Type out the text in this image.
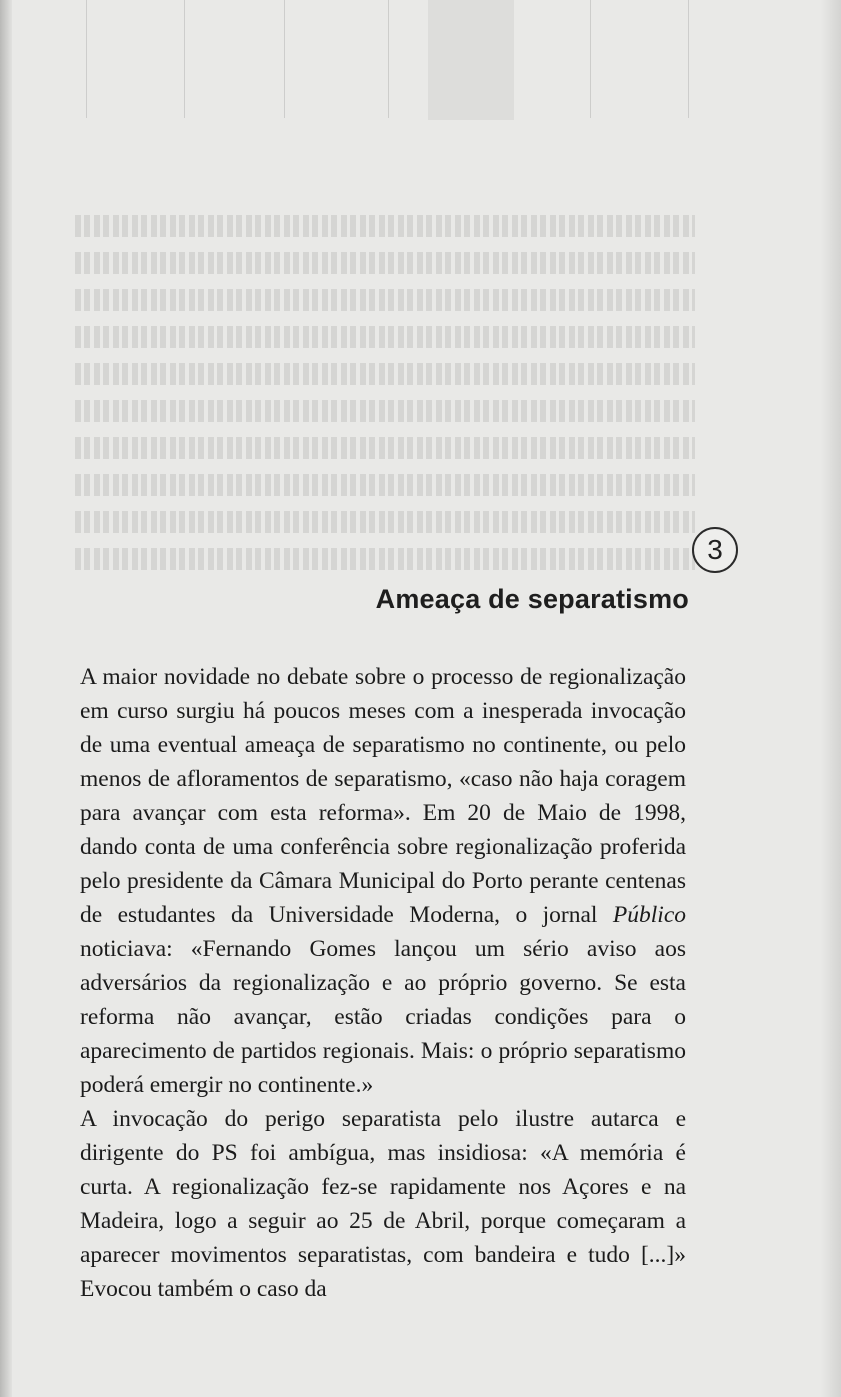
3
Ameaça de separatismo

A maior novidade no debate sobre o processo de regionalização em curso surgiu há poucos meses com a inesperada invocação de uma eventual ameaça de separatismo no continente, ou pelo menos de afloramentos de separatismo, «caso não haja coragem para avançar com esta reforma». Em 20 de Maio de 1998, dando conta de uma conferência sobre regionalização proferida pelo presidente da Câmara Municipal do Porto perante centenas de estudantes da Universidade Moderna, o jornal Público noticiava: «Fernando Gomes lançou um sério aviso aos adversários da regionalização e ao próprio governo. Se esta reforma não avançar, estão criadas condições para o aparecimento de partidos regionais. Mais: o próprio separatismo poderá emergir no continente.»

A invocação do perigo separatista pelo ilustre autarca e dirigente do PS foi ambígua, mas insidiosa: «A memória é curta. A regionalização fez-se rapidamente nos Açores e na Madeira, logo a seguir ao 25 de Abril, porque começaram a aparecer movimentos separatistas, com bandeira e tudo [...]» Evocou também o caso da
